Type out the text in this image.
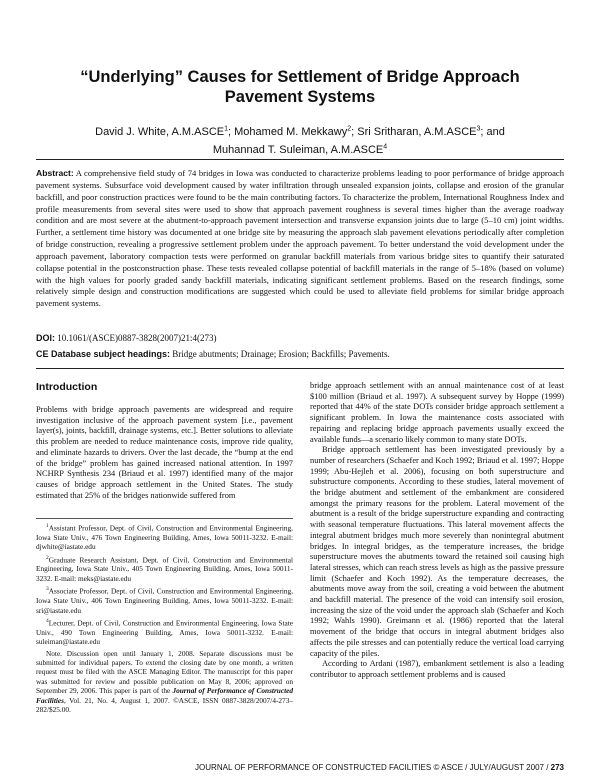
“Underlying” Causes for Settlement of Bridge Approach Pavement Systems
David J. White, A.M.ASCE$^1$; Mohamed M. Mekkawy$^2$; Sri Sritharan, A.M.ASCE$^3$; and
Muhannad T. Suleiman, A.M.ASCE$^4$

Abstract: A comprehensive field study of 74 bridges in Iowa was conducted to characterize problems leading to poor performance of bridge approach pavement systems. Subsurface void development caused by water infiltration through unsealed expansion joints, collapse and erosion of the granular backfill, and poor construction practices were found to be the main contributing factors. To characterize the problem, International Roughness Index and profile measurements from several sites were used to show that approach pavement roughness is several times higher than the average roadway condition and are most severe at the abutment-to-approach pavement intersection and transverse expansion joints due to large (5–10 cm) joint widths. Further, a settlement time history was documented at one bridge site by measuring the approach slab pavement elevations periodically after completion of bridge construction, revealing a progressive settlement problem under the approach pavement. To better understand the void development under the approach pavement, laboratory compaction tests were performed on granular backfill materials from various bridge sites to quantify their saturated collapse potential in the postconstruction phase. These tests revealed collapse potential of backfill materials in the range of 5–18% (based on volume) with the high values for poorly graded sandy backfill materials, indicating significant settlement problems. Based on the research findings, some relatively simple design and construction modifications are suggested which could be used to alleviate field problems for similar bridge approach pavement systems.

DOI: 10.1061/(ASCE)0887-3828(2007)21:4(273)
CE Database subject headings: Bridge abutments; Drainage; Erosion; Backfills; Pavements.
Introduction

Problems with bridge approach pavements are widespread and require investigation inclusive of the approach pavement system [i.e., pavement layer(s), joints, backfill, drainage systems, etc.]. Better solutions to alleviate this problem are needed to reduce maintenance costs, improve ride quality, and eliminate hazards to drivers. Over the last decade, the “bump at the end of the bridge” problem has gained increased national attention. In 1997 NCHRP Synthesis 234 (Briaud et al. 1997) identified many of the major causes of bridge approach settlement in the United States. The study estimated that 25% of the bridges nationwide suffered from

$^1$Assistant Professor, Dept. of Civil, Construction and Environmental Engineering, Iowa State Univ., 476 Town Engineering Building, Ames, Iowa 50011-3232. E-mail: djwhite@iastate.edu

$^2$Graduate Research Assistant, Dept. of Civil, Construction and Environmental Engineering, Iowa State Univ., 405 Town Engineering Building, Ames, Iowa 50011-3232. E-mail: meks@iastate.edu

$^3$Associate Professor, Dept. of Civil, Construction and Environmental Engineering, Iowa State Univ., 406 Town Engineering Building, Ames, Iowa 50011-3232. E-mail: sri@iastate.edu

$^4$Lecturer, Dept. of Civil, Construction and Environmental Engineering, Iowa State Univ., 490 Town Engineering Building, Ames, Iowa 50011-3232. E-mail: suleiman@iastate.edu

Note. Discussion open until January 1, 2008. Separate discussions must be submitted for individual papers. To extend the closing date by one month, a written request must be filed with the ASCE Managing Editor. The manuscript for this paper was submitted for review and possible publication on May 8, 2006; approved on September 29, 2006. This paper is part of the Journal of Performance of Constructed Facilities, Vol. 21, No. 4, August 1, 2007. ©ASCE, ISSN 0887-3828/2007/4-273–282/$25.00.

bridge approach settlement with an annual maintenance cost of at least $100 million (Briaud et al. 1997). A subsequent survey by Hoppe (1999) reported that 44% of the state DOTs consider bridge approach settlement a significant problem. In Iowa the maintenance costs associated with repairing and replacing bridge approach pavements usually exceed the available funds—a scenario likely common to many state DOTs.

Bridge approach settlement has been investigated previously by a number of researchers (Schaefer and Koch 1992; Briaud et al. 1997; Hoppe 1999; Abu-Hejleh et al. 2006), focusing on both superstructure and substructure components. According to these studies, lateral movement of the bridge abutment and settlement of the embankment are considered amongst the primary reasons for the problem. Lateral movement of the abutment is a result of the bridge superstructure expanding and contracting with seasonal temperature fluctuations. This lateral movement affects the integral abutment bridges much more severely than nonintegral abutment bridges. In integral bridges, as the temperature increases, the bridge superstructure moves the abutments toward the retained soil causing high lateral stresses, which can reach stress levels as high as the passive pressure limit (Schaefer and Koch 1992). As the temperature decreases, the abutments move away from the soil, creating a void between the abutment and backfill material. The presence of the void can intensify soil erosion, increasing the size of the void under the approach slab (Schaefer and Koch 1992; Wahls 1990). Greimann et al. (1986) reported that the lateral movement of the bridge that occurs in integral abutment bridges also affects the pile stresses and can potentially reduce the vertical load carrying capacity of the piles.

According to Ardani (1987), embankment settlement is also a leading contributor to approach settlement problems and is caused

JOURNAL OF PERFORMANCE OF CONSTRUCTED FACILITIES © ASCE / JULY/AUGUST 2007 / 273
